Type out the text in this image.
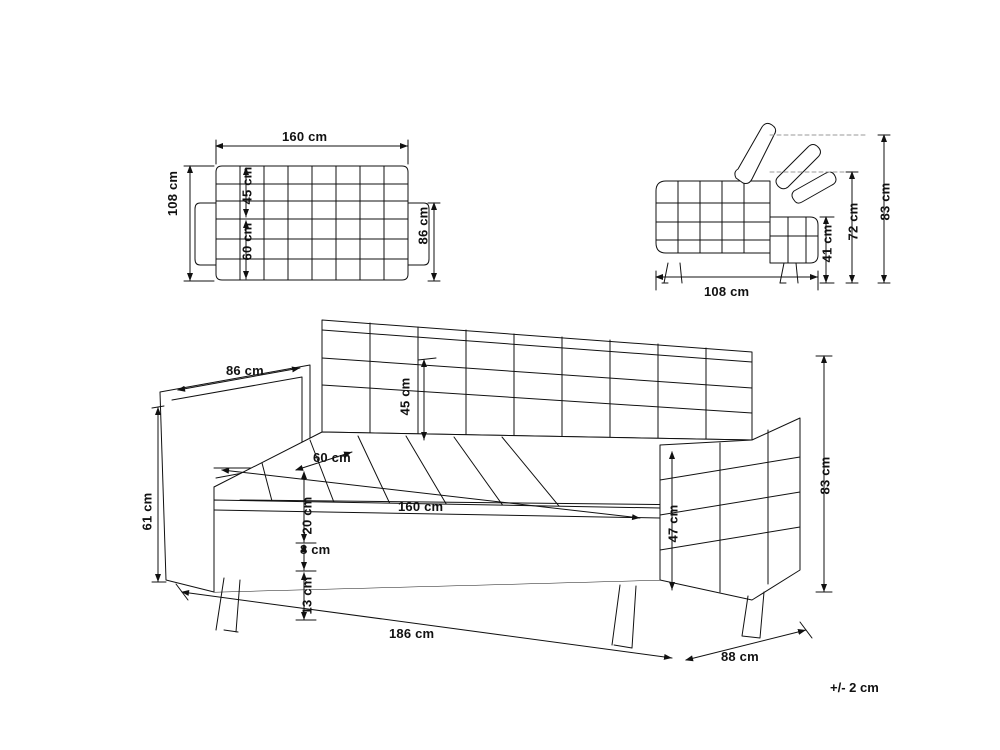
160 cm
108 cm	45 cm
60 cm	86 cm
108 cm
83 cm
72 cm
41 cm
86 cm
45 cm
60 cm
160 cm
61 cm	20 cm
8 cm
13 cm
47 cm
83 cm
186 cm
88 cm
+/- 2 cm
